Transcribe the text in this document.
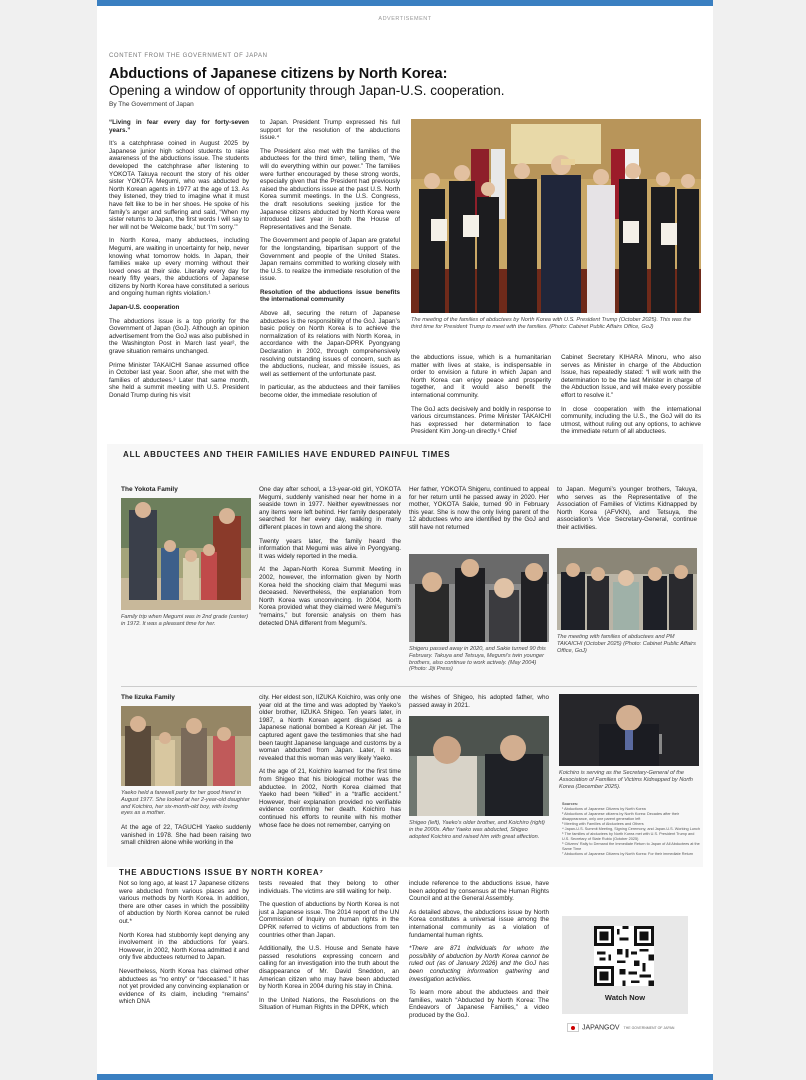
ADVERTISEMENT
CONTENT FROM THE GOVERNMENT OF JAPAN
Abductions of Japanese citizens by North Korea:
Opening a window of opportunity through Japan-U.S. cooperation.
By The Government of Japan

“Living in fear every day for forty-seven years.”

It’s a catchphrase coined in August 2025 by Japanese junior high school students to raise awareness of the abductions issue. The students developed the catchphrase after listening to YOKOTA Takuya recount the story of his older sister YOKOTA Megumi, who was abducted by North Korean agents in 1977 at the age of 13. As they listened, they tried to imagine what it must have felt like to be in her shoes. He spoke of his family’s anger and suffering and said, “When my sister returns to Japan, the first words I will say to her will not be ‘Welcome back,’ but ‘I’m sorry.’”

In North Korea, many abductees, including Megumi, are waiting in uncertainty for help, never knowing what tomorrow holds. In Japan, their families wake up every morning without their loved ones at their side. Literally every day for nearly fifty years, the abductions of Japanese citizens by North Korea have constituted a serious and ongoing human rights violation.¹

Japan-U.S. cooperation

The abductions issue is a top priority for the Government of Japan (GoJ). Although an opinion advertisement from the GoJ was also published in the Washington Post in March last year², the grave situation remains unchanged.

Prime Minister TAKAICHI Sanae assumed office in October last year. Soon after, she met with the families of abductees.³ Later that same month, she held a summit meeting with U.S. President Donald Trump during his visit

to Japan. President Trump expressed his full support for the resolution of the abductions issue.⁴

The President also met with the families of the abductees for the third time⁵, telling them, “We will do everything within our power.” The families were further encouraged by these strong words, especially given that the President had previously raised the abductions issue at the past U.S. North Korea summit meetings. In the U.S. Congress, the draft resolutions seeking justice for the Japanese citizens abducted by North Korea were introduced last year in both the House of Representatives and the Senate.

The Government and people of Japan are grateful for the longstanding, bipartisan support of the Government and people of the United States. Japan remains committed to working closely with the U.S. to realize the immediate resolution of the issue.

Resolution of the abductions issue benefits the international community

Above all, securing the return of Japanese abductees is the responsibility of the GoJ. Japan’s basic policy on North Korea is to achieve the normalization of its relations with North Korea, in accordance with the Japan-DPRK Pyongyang Declaration in 2002, through comprehensively resolving outstanding issues of concern, such as the abductions, nuclear, and missile issues, as well as settlement of the unfortunate past.

In particular, as the abductees and their families become older, the immediate resolution of

The meeting of the families of abductees by North Korea with U.S. President Trump (October 2025). This was the third time for President Trump to meet with the families. (Photo: Cabinet Public Affairs Office, GoJ)

the abductions issue, which is a humanitarian matter with lives at stake, is indispensable in order to envision a future in which Japan and North Korea can enjoy peace and prosperity together, and it would also benefit the international community.

The GoJ acts decisively and boldly in response to various circumstances. Prime Minister TAKAICHI has expressed her determination to face President Kim Jong-un directly.⁶ Chief

Cabinet Secretary KIHARA Minoru, who also serves as Minister in charge of the Abduction Issue, has repeatedly stated: “I will work with the determination to be the last Minister in charge of the Abduction Issue, and will make every possible effort to resolve it.”

In close cooperation with the international community, including the U.S., the GoJ will do its utmost, without ruling out any options, to achieve the immediate return of all abductees.

ALL ABDUCTEES AND THEIR FAMILIES HAVE ENDURED PAINFUL TIMES
The Yokota Family
Family trip when Megumi was in 2nd grade (center) in 1972. It was a pleasant time for her.

One day after school, a 13-year-old girl, YOKOTA Megumi, suddenly vanished near her home in a seaside town in 1977. Neither eyewitnesses nor any items were left behind. Her family desperately searched for her every day, walking in many different places in town and along the shore.

Twenty years later, the family heard the information that Megumi was alive in Pyongyang. It was widely reported in the media.

At the Japan-North Korea Summit Meeting in 2002, however, the information given by North Korea held the shocking claim that Megumi was deceased. Nevertheless, the explanation from North Korea was unconvincing. In 2004, North Korea provided what they claimed were Megumi’s “remains,” but forensic analysis on them has detected DNA different from Megumi’s.

Her father, YOKOTA Shigeru, continued to appeal for her return until he passed away in 2020. Her mother, YOKOTA Sakie, turned 90 in February this year. She is now the only living parent of the 12 abductees who are identified by the GoJ and still have not returned

Shigeru passed away in 2020, and Sakie turned 90 this February. Takuya and Tetsuya, Megumi’s twin younger brothers, also continue to work actively. (May 2004) (Photo: Jiji Press)

to Japan. Megumi’s younger brothers, Takuya, who serves as the Representative of the Association of Families of Victims Kidnapped by North Korea (AFVKN), and Tetsuya, the association’s Vice Secretary-General, continue their activities.

The meeting with families of abductees and PM TAKAICHI (October 2025) (Photo: Cabinet Public Affairs Office, GoJ)
The Iizuka Family
Yaeko held a farewell party for her good friend in August 1977. She looked at her 2-year-old daughter and Koichiro, her six-month-old boy, with loving eyes as a mother.

At the age of 22, TAGUCHI Yaeko suddenly vanished in 1978. She had been raising two small children alone while working in the

city. Her eldest son, IIZUKA Koichiro, was only one year old at the time and was adopted by Yaeko’s older brother, IIZUKA Shigeo. Ten years later, in 1987, a North Korean agent disguised as a Japanese national bombed a Korean Air jet. The captured agent gave the testimonies that she had been taught Japanese language and customs by a woman abducted from Japan. Later, it was revealed that this woman was very likely Yaeko.

At the age of 21, Koichiro learned for the first time from Shigeo that his biological mother was the abductee. In 2002, North Korea claimed that Yaeko had been “killed” in a “traffic accident.” However, their explanation provided no verifiable evidence confirming her death. Koichiro has continued his efforts to reunite with his mother whose face he does not remember, carrying on

the wishes of Shigeo, his adopted father, who passed away in 2021.

Shigeo (left), Yaeko’s older brother, and Koichiro (right) in the 2000s. After Yaeko was abducted, Shigeo adopted Koichiro and raised him with great affection.
Koichiro is serving as the Secretary-General of the Association of Families of Victims Kidnapped by North Korea (December 2025).
Sources:
¹ Abductions of Japanese Citizens by North Korea
² Abductions of Japanese citizens by North Korea: Decades after their disappearance, only one parent generation left
³ Meeting with Families of Abductees and Others
⁴ Japan-U.S. Summit Meeting, Signing Ceremony, and Japan-U.S. Working Lunch
⁵ The families of abductees by North Korea met with U.S. President Trump and U.S. Secretary of State Rubio (October 2025)
⁶ Citizens’ Rally to Demand the Immediate Return to Japan of All Abductees at the Same Time
⁷ Abductions of Japanese Citizens by North Korea: For their immediate Return
THE ABDUCTIONS ISSUE BY NORTH KOREA⁷

Not so long ago, at least 17 Japanese citizens were abducted from various places and by various methods by North Korea. In addition, there are other cases in which the possibility of abduction by North Korea cannot be ruled out.*

North Korea had stubbornly kept denying any involvement in the abductions for years. However, in 2002, North Korea admitted it and only five abductees returned to Japan.

Nevertheless, North Korea has claimed other abductees as “no entry” or “deceased.” It has not yet provided any convincing explanation or evidence of its claim, including “remains” which DNA

tests revealed that they belong to other individuals. The victims are still waiting for help.

The question of abductions by North Korea is not just a Japanese issue. The 2014 report of the UN Commission of Inquiry on human rights in the DPRK referred to victims of abductions from ten countries other than Japan.

Additionally, the U.S. House and Senate have passed resolutions expressing concern and calling for an investigation into the truth about the disappearance of Mr. David Sneddon, an American citizen who may have been abducted by North Korea in 2004 during his stay in China.

In the United Nations, the Resolutions on the Situation of Human Rights in the DPRK, which

include reference to the abductions issue, have been adopted by consensus at the Human Rights Council and at the General Assembly.

As detailed above, the abductions issue by North Korea constitutes a universal issue among the international community as a violation of fundamental human rights.

*There are 871 individuals for whom the possibility of abduction by North Korea cannot be ruled out (as of January 2026) and the GoJ has been conducting information gathering and investigation activities.

To learn more about the abductees and their families, watch “Abducted by North Korea: The Endeavors of Japanese Families,” a video produced by the GoJ.

Watch Now
JAPANGOV THE GOVERNMENT OF JAPAN
